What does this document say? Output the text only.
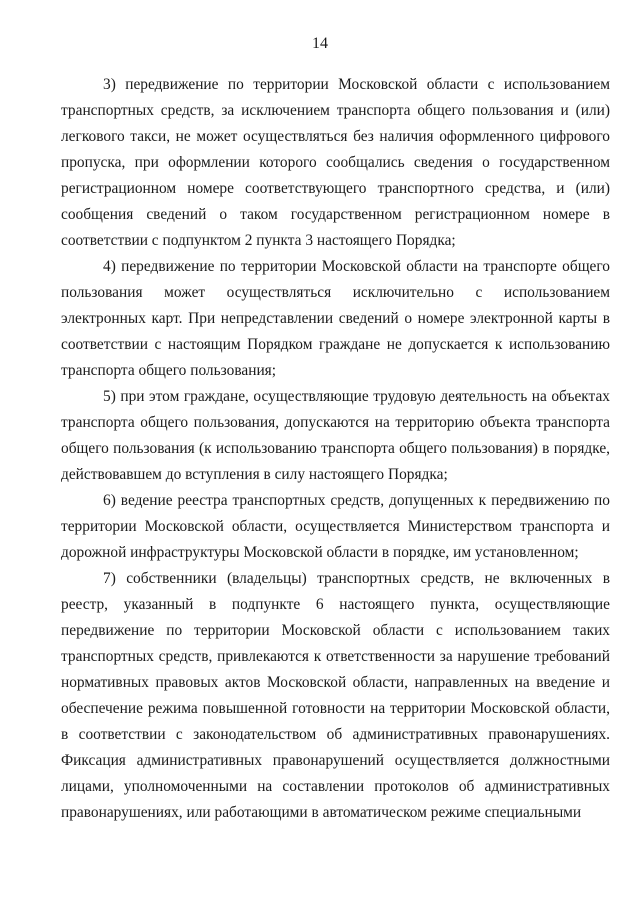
14

3) передвижение по территории Московской области с использованием транспортных средств, за исключением транспорта общего пользования и (или) легкового такси, не может осуществляться без наличия оформленного цифрового пропуска, при оформлении которого сообщались сведения о государственном регистрационном номере соответствующего транспортного средства, и (или) сообщения сведений о таком государственном регистрационном номере в соответствии с подпунктом 2 пункта 3 настоящего Порядка;

4) передвижение по территории Московской области на транспорте общего пользования может осуществляться исключительно с использованием электронных карт. При непредставлении сведений о номере электронной карты в соответствии с настоящим Порядком граждане не допускается к использованию транспорта общего пользования;

5) при этом граждане, осуществляющие трудовую деятельность на объектах транспорта общего пользования, допускаются на территорию объекта транспорта общего пользования (к использованию транспорта общего пользования) в порядке, действовавшем до вступления в силу настоящего Порядка;

6) ведение реестра транспортных средств, допущенных к передвижению по территории Московской области, осуществляется Министерством транспорта и дорожной инфраструктуры Московской области в порядке, им установленном;

7) собственники (владельцы) транспортных средств, не включенных в реестр, указанный в подпункте 6 настоящего пункта, осуществляющие передвижение по территории Московской области с использованием таких транспортных средств, привлекаются к ответственности за нарушение требований нормативных правовых актов Московской области, направленных на введение и обеспечение режима повышенной готовности на территории Московской области, в соответствии с законодательством об административных правонарушениях. Фиксация административных правонарушений осуществляется должностными лицами, уполномоченными на составлении протоколов об административных правонарушениях, или работающими в автоматическом режиме специальными
